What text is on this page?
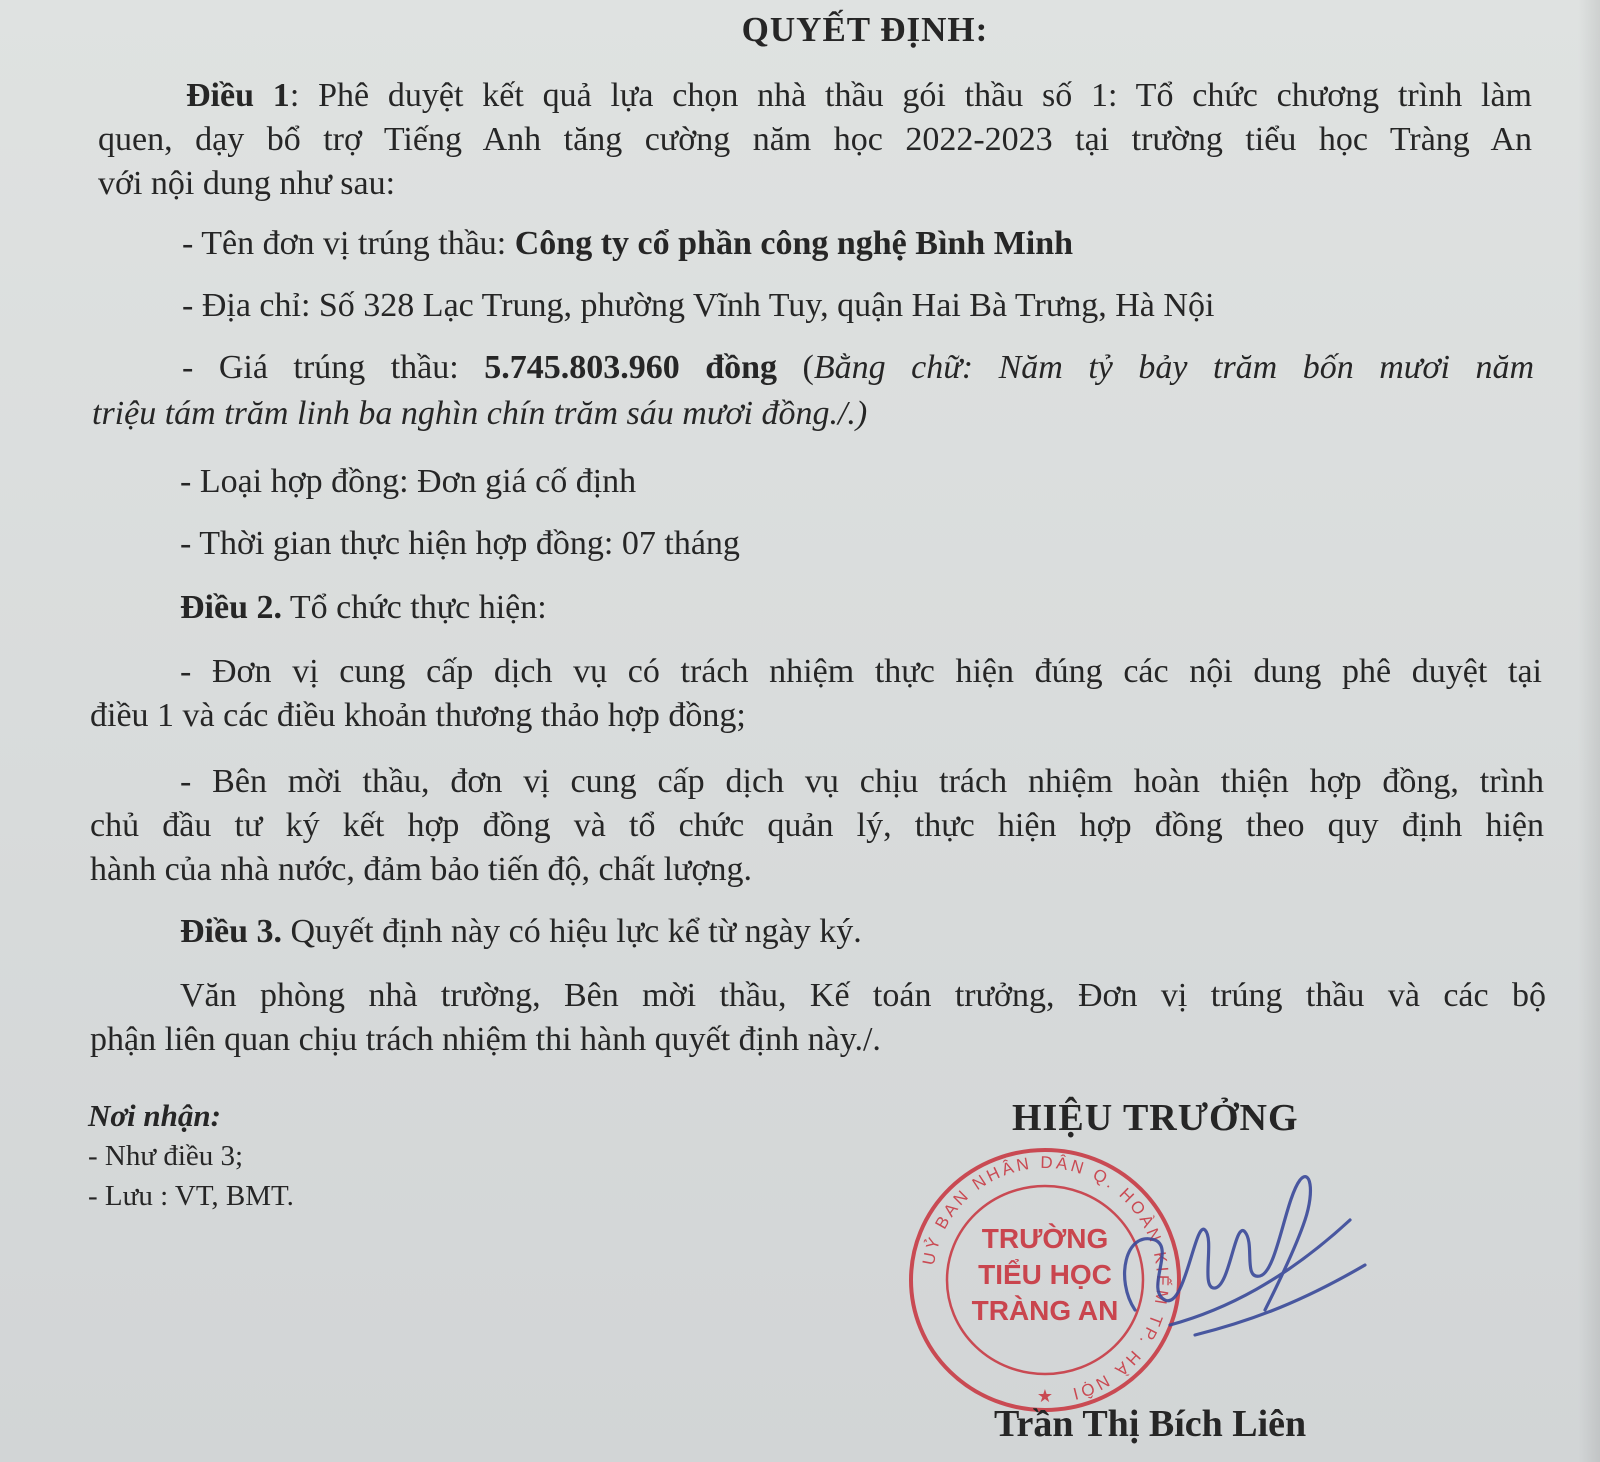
QUYẾT ĐỊNH:

Điều 1: Phê duyệt kết quả lựa chọn nhà thầu gói thầu số 1: Tổ chức chương trình làm

quen, dạy bổ trợ Tiếng Anh tăng cường năm học 2022-2023 tại trường tiểu học Tràng An

với nội dung như sau:

- Tên đơn vị trúng thầu: Công ty cổ phần công nghệ Bình Minh

- Địa chỉ: Số 328 Lạc Trung, phường Vĩnh Tuy, quận Hai Bà Trưng, Hà Nội

- Giá trúng thầu: 5.745.803.960 đồng (Bằng chữ: Năm tỷ bảy trăm bốn mươi năm

triệu tám trăm linh ba nghìn chín trăm sáu mươi đồng./.)

- Loại hợp đồng: Đơn giá cố định

- Thời gian thực hiện hợp đồng: 07 tháng

Điều 2. Tổ chức thực hiện:

- Đơn vị cung cấp dịch vụ có trách nhiệm thực hiện đúng các nội dung phê duyệt tại

điều 1 và các điều khoản thương thảo hợp đồng;

- Bên mời thầu, đơn vị cung cấp dịch vụ chịu trách nhiệm hoàn thiện hợp đồng, trình

chủ đầu tư ký kết hợp đồng và tổ chức quản lý, thực hiện hợp đồng theo quy định hiện

hành của nhà nước, đảm bảo tiến độ, chất lượng.

Điều 3. Quyết định này có hiệu lực kể từ ngày ký.

Văn phòng nhà trường, Bên mời thầu, Kế toán trưởng, Đơn vị trúng thầu và các bộ

phận liên quan chịu trách nhiệm thi hành quyết định này./.

Nơi nhận:
- Như điều 3;
- Lưu : VT, BMT.
HIỆU TRƯỞNG
UỶ BAN NHÂN DÂN Q. HOÀN KIẾM TP. HÀ NỘI
TRƯỜNG
TIỂU HỌC
TRÀNG AN
★
Trần Thị Bích Liên
